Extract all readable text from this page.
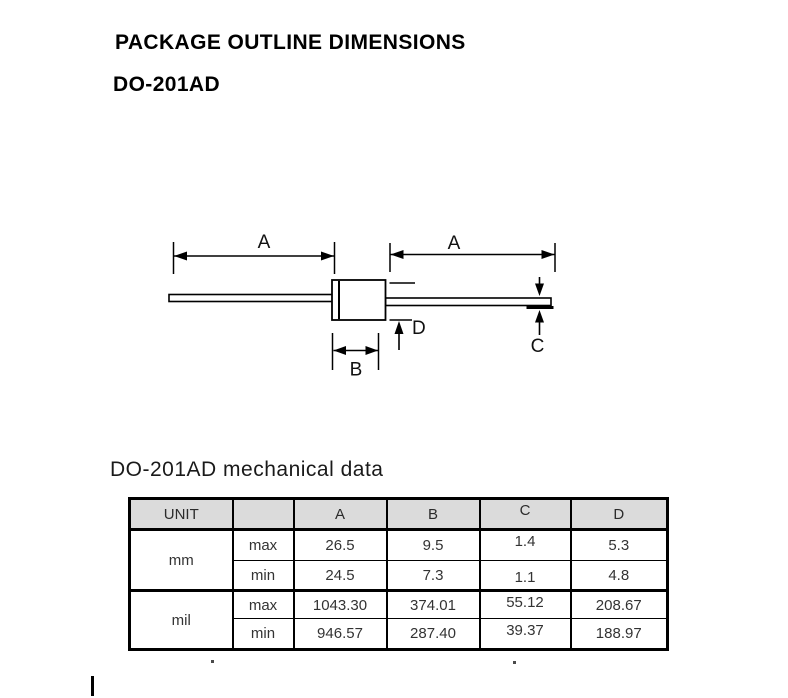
PACKAGE OUTLINE DIMENSIONS
DO-201AD
A	A
D
C
B
DO-201AD mechanical data
UNIT		A	B	C	D
mm	max	26.5	9.5	1.4	5.3
	min	24.5	7.3	1.1	4.8
mil	max	1043.30	374.01	55.12	208.67
	min	946.57	287.40	39.37	188.97
